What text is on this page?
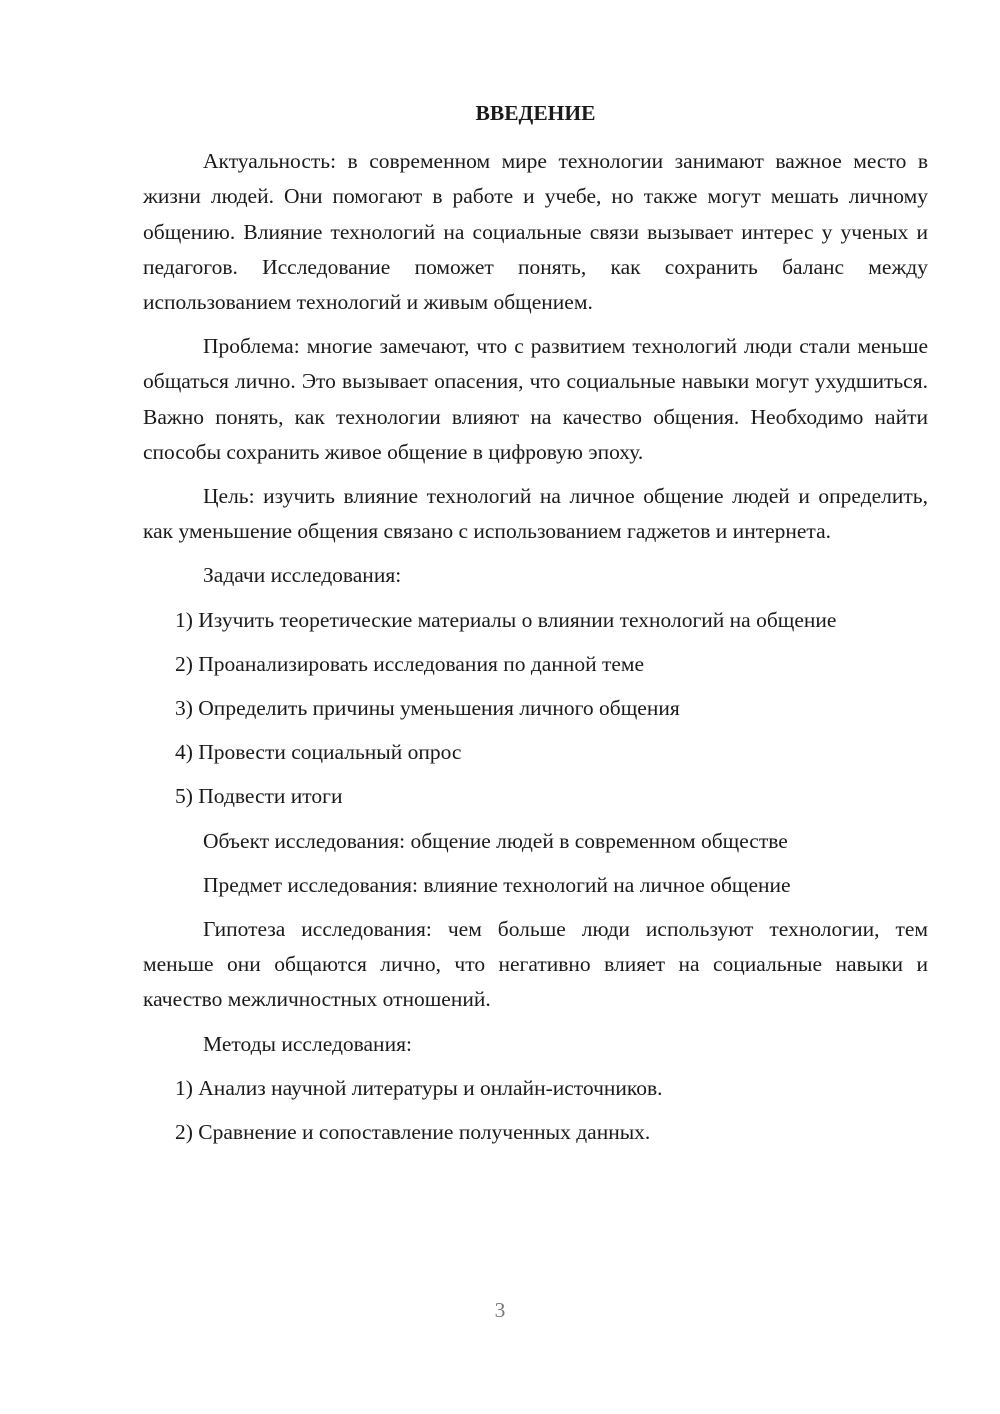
ВВЕДЕНИЕ

Актуальность: в современном мире технологии занимают важное место в жизни людей. Они помогают в работе и учебе, но также могут мешать личному общению. Влияние технологий на социальные связи вызывает интерес у ученых и педагогов. Исследование поможет понять, как сохранить баланс между использованием технологий и живым общением.

Проблема: многие замечают, что с развитием технологий люди стали меньше общаться лично. Это вызывает опасения, что социальные навыки могут ухудшиться. Важно понять, как технологии влияют на качество общения. Необходимо найти способы сохранить живое общение в цифровую эпоху.

Цель: изучить влияние технологий на личное общение людей и определить, как уменьшение общения связано с использованием гаджетов и интернета.

Задачи исследования:

1) Изучить теоретические материалы о влиянии технологий на общение

2) Проанализировать исследования по данной теме

3) Определить причины уменьшения личного общения

4) Провести социальный опрос

5) Подвести итоги

Объект исследования: общение людей в современном обществе

Предмет исследования: влияние технологий на личное общение

Гипотеза исследования: чем больше люди используют технологии, тем меньше они общаются лично, что негативно влияет на социальные навыки и качество межличностных отношений.

Методы исследования:

1) Анализ научной литературы и онлайн-источников.

2) Сравнение и сопоставление полученных данных.

3
